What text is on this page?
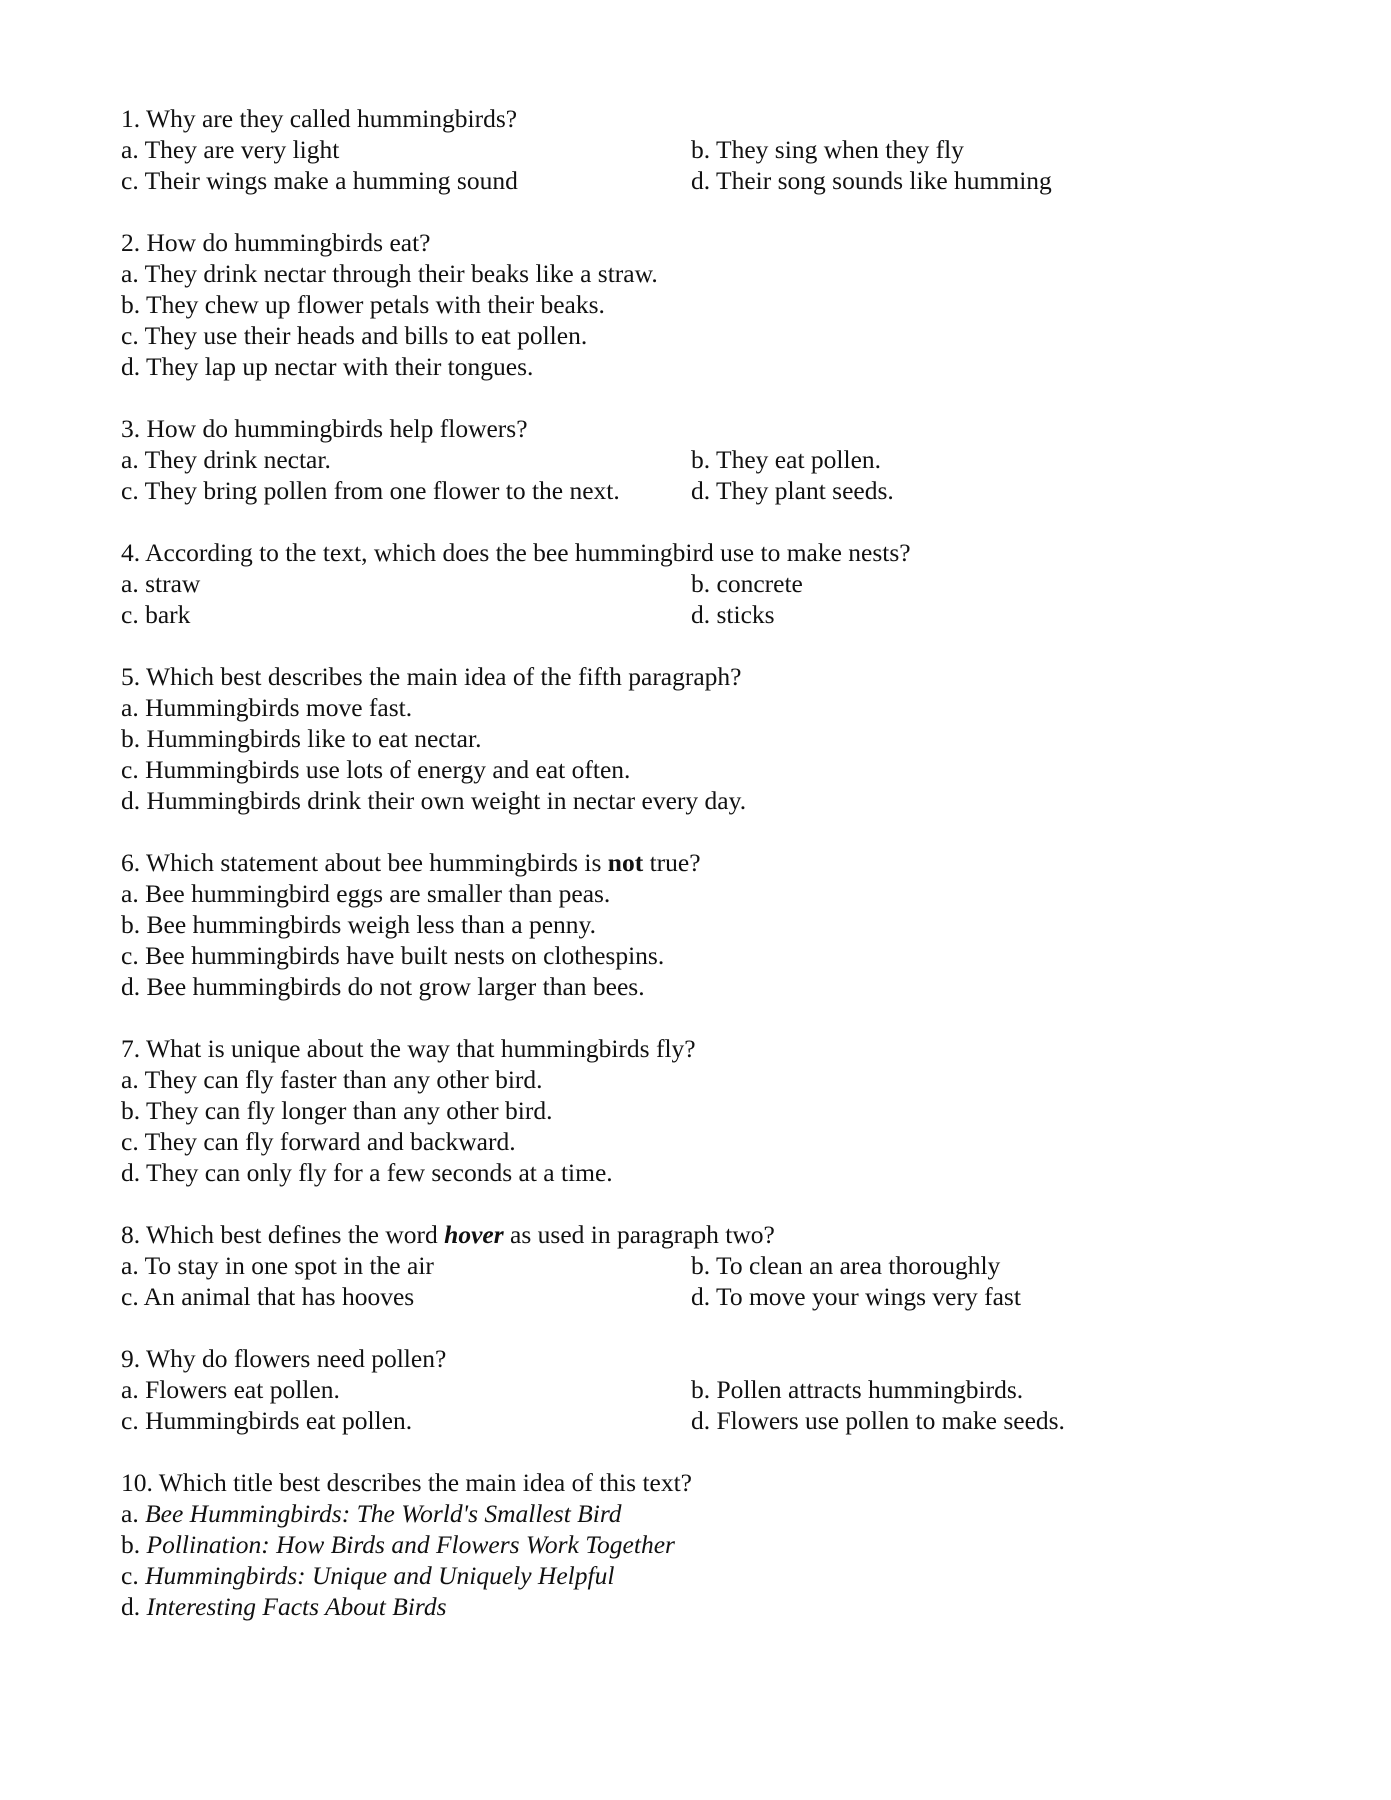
1. Why are they called hummingbirds?
a. They are very light	b. They sing when they fly
c. Their wings make a humming sound	d. Their song sounds like humming
2. How do hummingbirds eat?
a. They drink nectar through their beaks like a straw.
b. They chew up flower petals with their beaks.
c. They use their heads and bills to eat pollen.
d. They lap up nectar with their tongues.
3. How do hummingbirds help flowers?
a. They drink nectar.	b. They eat pollen.
c. They bring pollen from one flower to the next.	d. They plant seeds.
4. According to the text, which does the bee hummingbird use to make nests?
a. straw	b. concrete
c. bark	d. sticks
5. Which best describes the main idea of the fifth paragraph?
a. Hummingbirds move fast.
b. Hummingbirds like to eat nectar.
c. Hummingbirds use lots of energy and eat often.
d. Hummingbirds drink their own weight in nectar every day.
6. Which statement about bee hummingbirds is not true?
a. Bee hummingbird eggs are smaller than peas.
b. Bee hummingbirds weigh less than a penny.
c. Bee hummingbirds have built nests on clothespins.
d. Bee hummingbirds do not grow larger than bees.
7. What is unique about the way that hummingbirds fly?
a. They can fly faster than any other bird.
b. They can fly longer than any other bird.
c. They can fly forward and backward.
d. They can only fly for a few seconds at a time.
8. Which best defines the word hover as used in paragraph two?
a. To stay in one spot in the air	b. To clean an area thoroughly
c. An animal that has hooves	d. To move your wings very fast
9. Why do flowers need pollen?
a. Flowers eat pollen.	b. Pollen attracts hummingbirds.
c. Hummingbirds eat pollen.	d. Flowers use pollen to make seeds.
10. Which title best describes the main idea of this text?
a. Bee Hummingbirds: The World's Smallest Bird
b. Pollination: How Birds and Flowers Work Together
c. Hummingbirds: Unique and Uniquely Helpful
d. Interesting Facts About Birds
